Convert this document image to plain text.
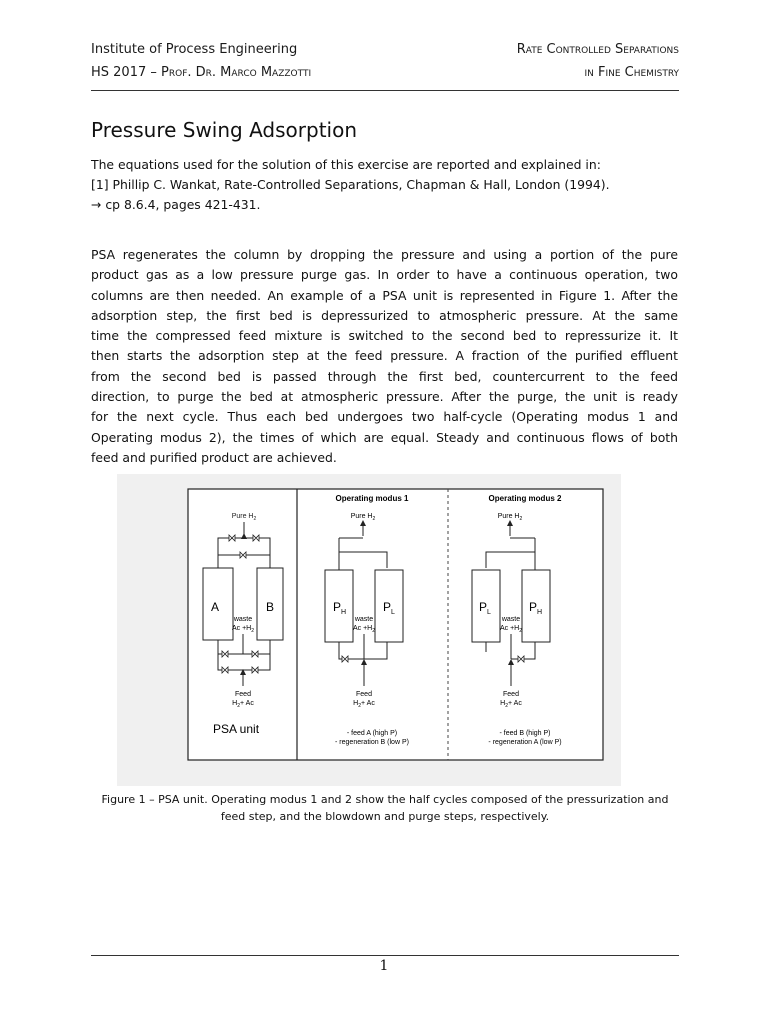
Institute of Process Engineering
HS 2017 – Prof. Dr. Marco Mazzotti
Rate Controlled Separations
in Fine Chemistry
Pressure Swing Adsorption
The equations used for the solution of this exercise are reported and explained in:
[1] Phillip C. Wankat, Rate-Controlled Separations, Chapman & Hall, London (1994).
→ cp 8.6.4, pages 421-431.
PSA regenerates the column by dropping the pressure and using a portion of the pure
product gas as a low pressure purge gas. In order to have a continuous operation, two
columns are then needed. An example of a PSA unit is represented in Figure 1. After the
adsorption step, the first bed is depressurized to atmospheric pressure. At the same
time the compressed feed mixture is switched to the second bed to repressurize it. It
then starts the adsorption step at the feed pressure. A fraction of the purified effluent
from the second bed is passed through the first bed, countercurrent to the feed
direction, to purge the bed at atmospheric pressure. After the purge, the unit is ready
for the next cycle. Thus each bed undergoes two half-cycle (Operating modus 1 and
Operating modus 2), the times of which are equal. Steady and continuous flows of both
feed and purified product are achieved.
Pure $H_2$
A	B
waste
$Ac +H_2$
Feed
$H_2+ Ac$
PSA unit
Operating modus 1
Pure $H_2$
$P_H$	$P_L$
waste
$Ac +H_2$
Feed
$H_2+ Ac$
- feed A (high P)
- regeneration B (low P)
Operating modus 2
Pure $H_2$
$P_L$	$P_H$
waste
$Ac +H_2$
Feed
$H_2+ Ac$
- feed B (high P)
- regeneration A (low P)
Figure 1 – PSA unit. Operating modus 1 and 2 show the half cycles composed of the pressurization and
feed step, and the blowdown and purge steps, respectively.
1
